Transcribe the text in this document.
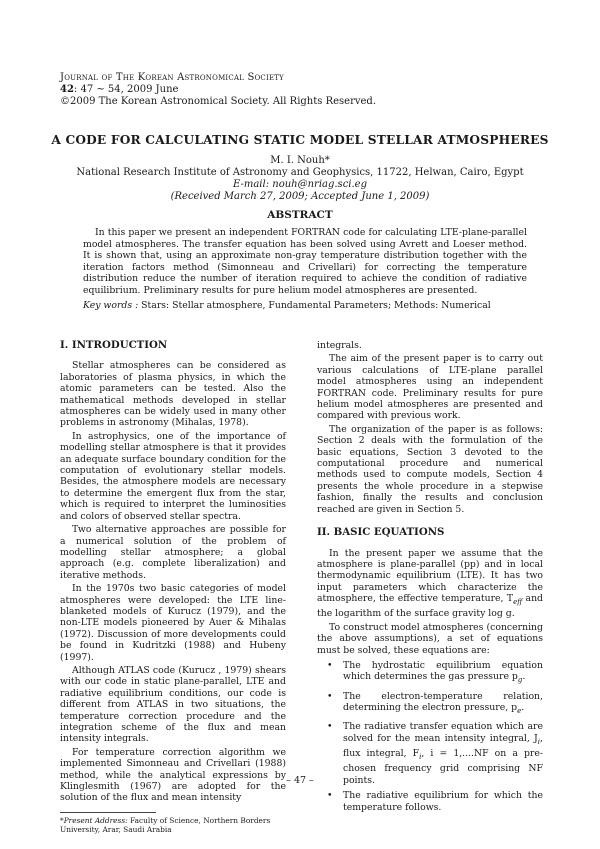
Journal of The Korean Astronomical Society
42: 47 ∼ 54, 2009 June
©2009 The Korean Astronomical Society. All Rights Reserved.
A CODE FOR CALCULATING STATIC MODEL STELLAR ATMOSPHERES
M. I. Nouh*
National Research Institute of Astronomy and Geophysics, 11722, Helwan, Cairo, Egypt
E-mail: nouh@nriag.sci.eg
(Received March 27, 2009; Accepted June 1, 2009)
ABSTRACT
In this paper we present an independent FORTRAN code for calculating LTE-plane-parallel model atmospheres. The transfer equation has been solved using Avrett and Loeser method. It is shown that, using an approximate non-gray temperature distribution together with the iteration factors method (Simonneau and Crivellari) for correcting the temperature distribution reduce the number of iteration required to achieve the condition of radiative equilibrium. Preliminary results for pure helium model atmospheres are presented.
Key words : Stars: Stellar atmosphere, Fundamental Parameters; Methods: Numerical
I. INTRODUCTION

Stellar atmospheres can be considered as laboratories of plasma physics, in which the atomic parameters can be tested. Also the mathematical methods developed in stellar atmospheres can be widely used in many other problems in astronomy (Mihalas, 1978).

In astrophysics, one of the importance of modelling stellar atmosphere is that it provides an adequate surface boundary condition for the computation of evolutionary stellar models. Besides, the atmosphere models are necessary to determine the emergent flux from the star, which is required to interpret the luminosities and colors of observed stellar spectra.

Two alternative approaches are possible for a numerical solution of the problem of modelling stellar atmosphere; a global approach (e.g. complete liberalization) and iterative methods.

In the 1970s two basic categories of model atmospheres were developed: the LTE line-blanketed models of Kurucz (1979), and the non-LTE models pioneered by Auer & Mihalas (1972). Discussion of more developments could be found in Kudritzki (1988) and Hubeny (1997).

Although ATLAS code (Kurucz , 1979) shears with our code in static plane-parallel, LTE and radiative equilibrium conditions, our code is different from ATLAS in two situations, the temperature correction procedure and the integration scheme of the flux and mean intensity integrals.

For temperature correction algorithm we implemented Simonneau and Crivellari (1988) method, while the analytical expressions by Klinglesmith (1967) are adopted for the solution of the flux and mean intensity

integrals.

The aim of the present paper is to carry out various calculations of LTE-plane parallel model atmospheres using an independent FORTRAN code. Preliminary results for pure helium model atmospheres are presented and compared with previous work.

The organization of the paper is as follows: Section 2 deals with the formulation of the basic equations, Section 3 devoted to the computational procedure and numerical methods used to compute models, Section 4 presents the whole procedure in a stepwise fashion, finally the results and conclusion reached are given in Section 5.

II. BASIC EQUATIONS

In the present paper we assume that the atmosphere is plane-parallel (pp) and in local thermodynamic equilibrium (LTE). It has two input parameters which characterize the atmosphere, the effective temperature, $T_{eff}$ and the logarithm of the surface gravity log g.

To construct model atmospheres (concerning the above assumptions), a set of equations must be solved, these equations are:

• The hydrostatic equilibrium equation which determines the gas pressure $p_g$.
• The electron-temperature relation, determining the electron pressure, $p_e$.
• The radiative transfer equation which are solved for the mean intensity integral, $J_i$, flux integral, $F_i$, i = 1,....NF on a pre-chosen frequency grid comprising NF points.
• The radiative equilibrium for which the temperature follows.
*Present Address: Faculty of Science, Northern Borders University, Arar, Saudi Arabia
– 47 –
